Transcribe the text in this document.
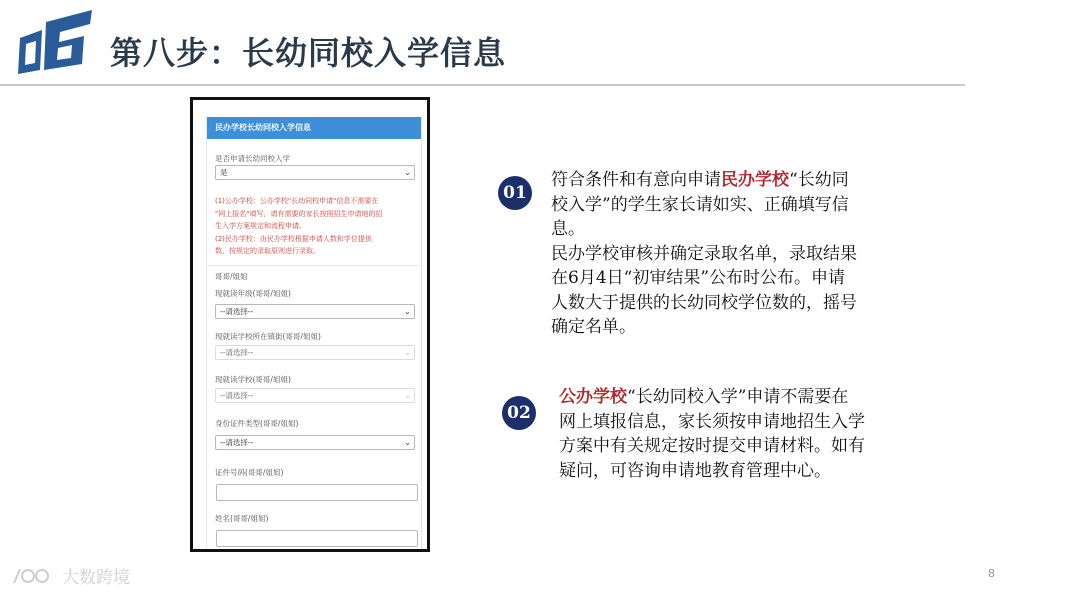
第八步：长幼同校入学信息
民办学校长幼同校入学信息
是否申请长幼同校入学
是	⌄
(1)公办学校：公办学校"长幼同校申请"信息不需要在
"网上报名"填写，请有需要的家长按照招生申请地的招
生入学方案规定和流程申请。
(2)民办学校：由民办学校根据申请人数和学位提供
数，按规定的录取原则进行录取。
哥哥/姐姐
现就读年级(哥哥/姐姐)
--请选择--	⌄
现就读学校所在镇街(哥哥/姐姐)
--请选择--	⌄
现就读学校(哥哥/姐姐)
--请选择--	⌄
身份证件类型(哥哥/姐姐)
--请选择--	⌄
证件号码(哥哥/姐姐)
姓名(哥哥/姐姐)
01
符合条件和有意向申请民办学校“长幼同
校入学”的学生家长请如实、正确填写信
息。
民办学校审核并确定录取名单，录取结果
在6月4日“初审结果”公布时公布。申请
人数大于提供的长幼同校学位数的，摇号
确定名单。
02
公办学校“长幼同校入学”申请不需要在
网上填报信息，家长须按申请地招生入学
方案中有关规定按时提交申请材料。如有
疑问，可咨询申请地教育管理中心。
8
大数跨境
